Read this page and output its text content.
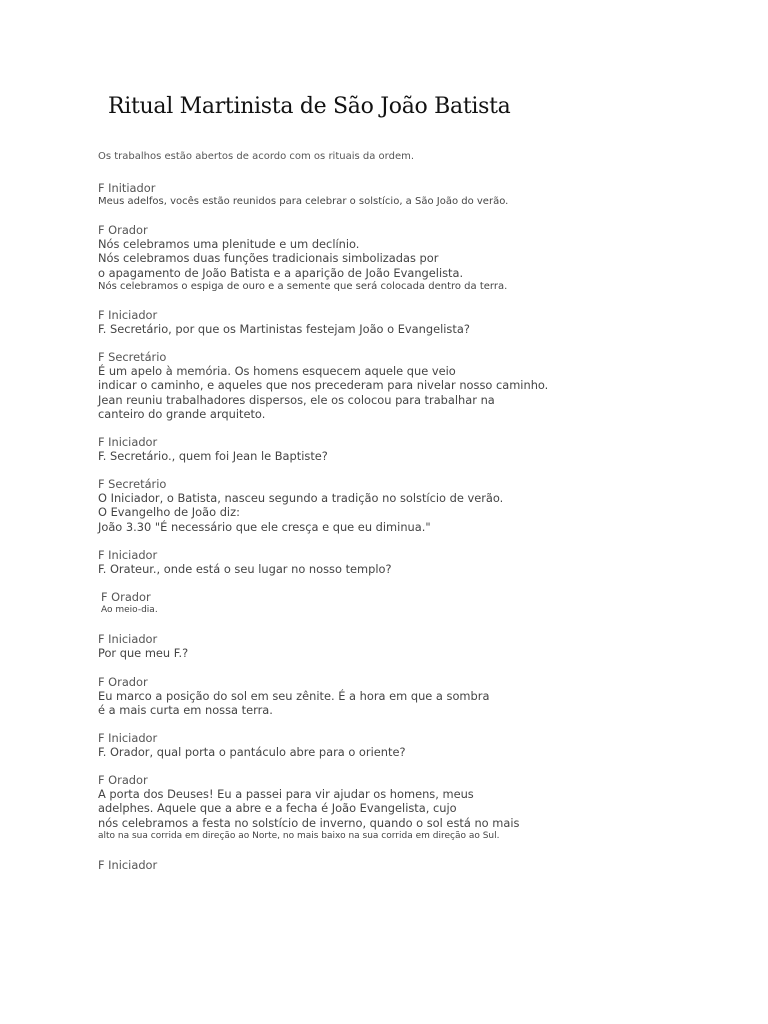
Ritual Martinista de São João Batista
Os trabalhos estão abertos de acordo com os rituais da ordem.
F Initiador
Meus adelfos, vocês estão reunidos para celebrar o solstício, a São João do verão.
F Orador
Nós celebramos uma plenitude e um declínio.
Nós celebramos duas funções tradicionais simbolizadas por
o apagamento de João Batista e a aparição de João Evangelista.
Nós celebramos o espiga de ouro e a semente que será colocada dentro da terra.
F Iniciador
F. Secretário, por que os Martinistas festejam João o Evangelista?
F Secretário
É um apelo à memória. Os homens esquecem aquele que veio
indicar o caminho, e aqueles que nos precederam para nivelar nosso caminho.
Jean reuniu trabalhadores dispersos, ele os colocou para trabalhar na
canteiro do grande arquiteto.
F Iniciador
F. Secretário., quem foi Jean le Baptiste?
F Secretário
O Iniciador, o Batista, nasceu segundo a tradição no solstício de verão.
O Evangelho de João diz:
João 3.30 "É necessário que ele cresça e que eu diminua."
F Iniciador
F. Orateur., onde está o seu lugar no nosso templo?
F Orador
Ao meio-dia.
F Iniciador
Por que meu F.?
F Orador
Eu marco a posição do sol em seu zênite. É a hora em que a sombra
é a mais curta em nossa terra.
F Iniciador
F. Orador, qual porta o pantáculo abre para o oriente?
F Orador
A porta dos Deuses! Eu a passei para vir ajudar os homens, meus
adelphes. Aquele que a abre e a fecha é João Evangelista, cujo
nós celebramos a festa no solstício de inverno, quando o sol está no mais
alto na sua corrida em direção ao Norte, no mais baixo na sua corrida em direção ao Sul.
F Iniciador
